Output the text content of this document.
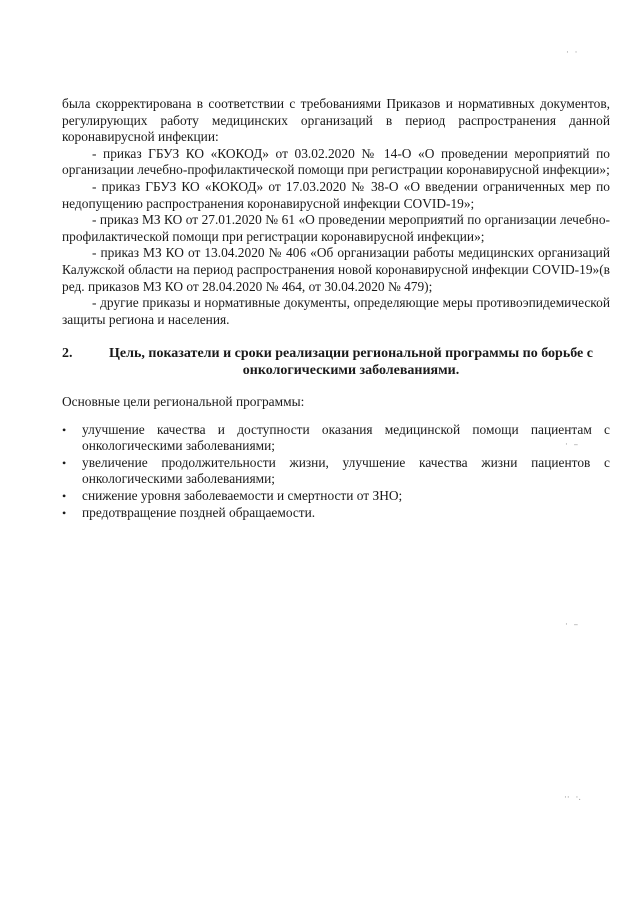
была скорректирована в соответствии с требованиями Приказов и нормативных документов, регулирующих работу медицинских организаций в период распространения данной коронавирусной инфекции:

- приказ ГБУЗ КО «КОКОД» от 03.02.2020 № 14-О «О проведении мероприятий по организации лечебно-профилактической помощи при регистрации коронавирусной инфекции»;

- приказ ГБУЗ КО «КОКОД» от 17.03.2020 № 38-О «О введении ограниченных мер по недопущению распространения коронавирусной инфекции COVID-19»;

- приказ МЗ КО от 27.01.2020 № 61 «О проведении мероприятий по организации лечебно-профилактической помощи при регистрации коронавирусной инфекции»;

- приказ МЗ КО от 13.04.2020 № 406 «Об организации работы медицинских организаций Калужской области на период распространения новой коронавирусной инфекции COVID-19»(в ред. приказов МЗ КО от 28.04.2020 № 464, от 30.04.2020 № 479);

- другие приказы и нормативные документы, определяющие меры противоэпидемической защиты региона и населения.

2.	Цель, показатели и сроки реализации региональной программы по борьбе с онкологическими заболеваниями.
Основные цели региональной программы:
• улучшение качества и доступности оказания медицинской помощи пациентам с онкологическими заболеваниями;
• увеличение продолжительности жизни, улучшение качества жизни пациентов с онкологическими заболеваниями;
• снижение уровня заболеваемости и смертности от ЗНО;
• предотвращение поздней обращаемости.
·  ·
·  –
·  –
··  ·.
